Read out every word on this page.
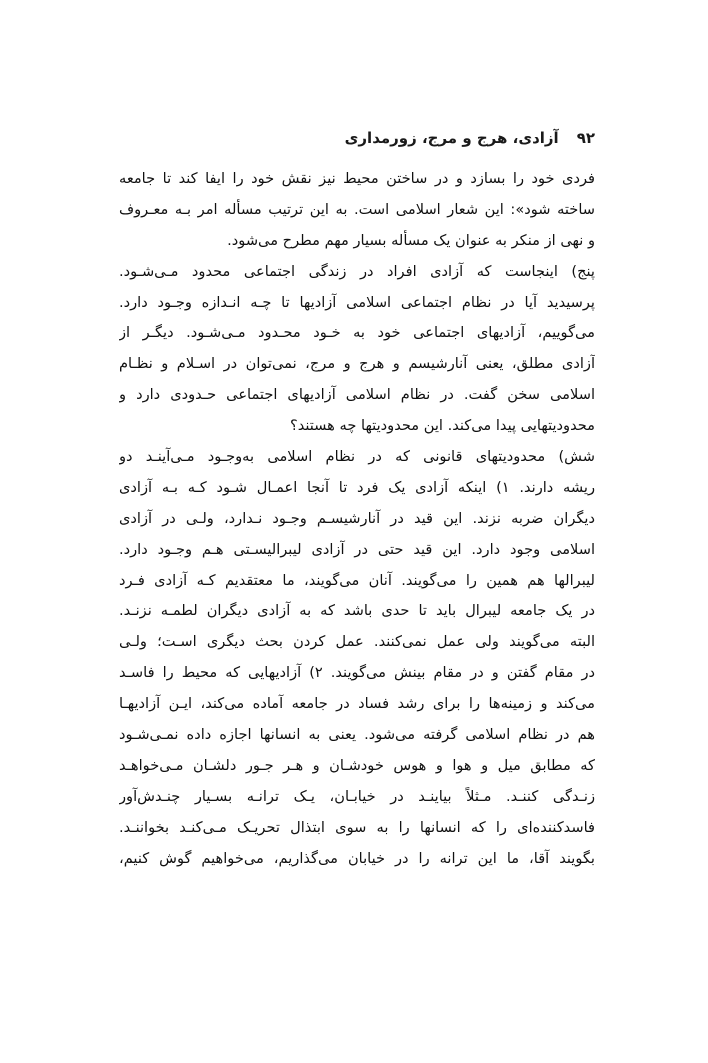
۹۲
آزادی، هرج و مرج، زورمداری
فردی خود را بسازد و در ساختن محیط نیز نقش خود را ایفا کند تا جامعه
ساخته شود»: این شعار اسلامی است. به این ترتیب مسأله امر بـه معـروف
و نهی از منکر به عنوان یک مسأله بسیار مهم مطرح می‌شود.
پنج) اینجاست که آزادی افراد در زندگی اجتماعی محدود مـی‌شـود.
پرسیدید آیا در نظام اجتماعی اسلامی آزادیها تا چـه انـدازه وجـود دارد.
می‌گوییم، آزادیهای اجتماعی خود به خـود محـدود مـی‌شـود. دیگـر از
آزادی مطلق، یعنی آنارشیسم و هرج و مرج، نمی‌توان در اسـلام و نظـام
اسلامی سخن گفت. در نظام اسلامی آزادیهای اجتماعی حـدودی دارد و
محدودیتهایی پیدا می‌کند. این محدودیتها چه هستند؟
شش) محدودیتهای قانونی که در نظام اسلامی به‌وجـود مـی‌آینـد دو
ریشه دارند. ۱) اینکه آزادی یک فرد تا آنجا اعمـال شـود کـه بـه آزادی
دیگران ضربه نزند. این قید در آنارشیسـم وجـود نـدارد، ولـی در آزادی
اسلامی وجود دارد. این قید حتی در آزادی لیبرالیسـتی هـم وجـود دارد.
لیبرالها هم همین را می‌گویند. آنان می‌گویند، ما معتقدیم کـه آزادی فـرد
در یک جامعه لیبرال باید تا حدی باشد که به آزادی دیگران لطمـه نزنـد.
البته می‌گویند ولی عمل نمی‌کنند. عمل کردن بحث دیگری اسـت؛ ولـی
در مقام گفتن و در مقام بینش می‌گویند. ۲) آزادیهایی که محیط را فاسـد
می‌کند و زمینه‌ها را برای رشد فساد در جامعه آماده می‌کند، ایـن آزادیهـا
هم در نظام اسلامی گرفته می‌شود. یعنی به انسانها اجازه داده نمـی‌شـود
که مطابق میل و هوا و هوس خودشـان و هـر جـور دلشـان مـی‌خواهـد
زنـدگی کننـد. مـثلاً بیاینـد در خیابـان، یـک ترانـه بسـیار چنـدش‌آور
فاسدکننده‌ای را که انسانها را به سوی ابتذال تحریـک مـی‌کنـد بخواننـد.
بگویند آقا، ما این ترانه را در خیابان می‌گذاریم، می‌خواهیم گوش کنیم،
